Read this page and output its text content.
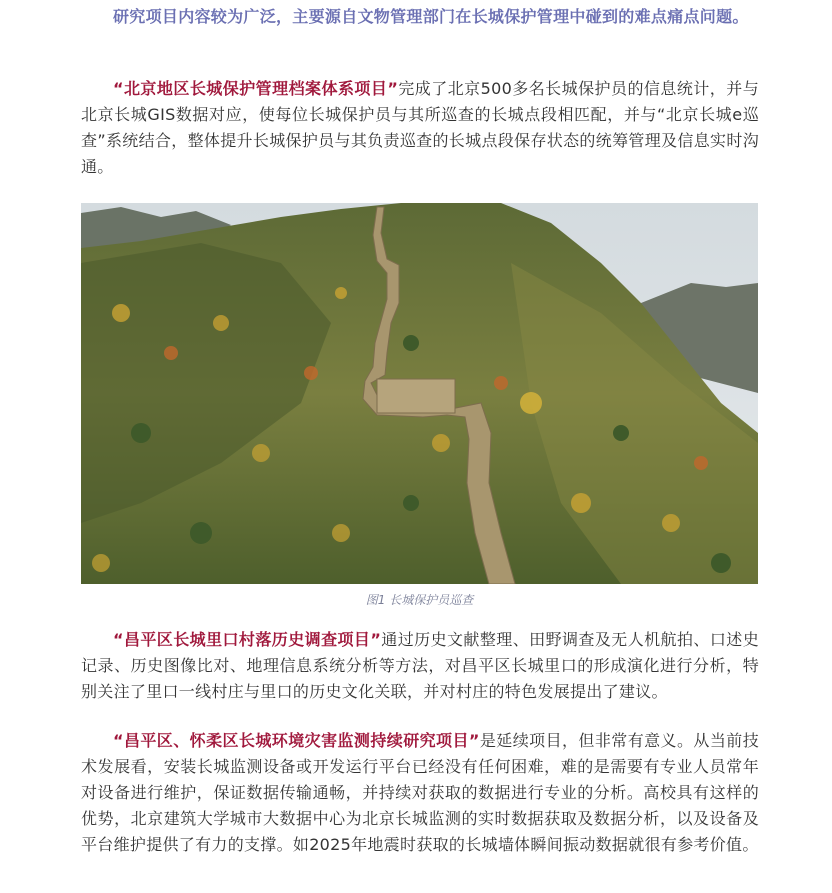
研究项目内容较为广泛，主要源自文物管理部门在长城保护管理中碰到的难点痛点问题。

“北京地区长城保护管理档案体系项目”完成了北京500多名长城保护员的信息统计，并与北京长城GIS数据对应，使每位长城保护员与其所巡查的长城点段相匹配，并与“北京长城e巡查”系统结合，整体提升长城保护员与其负责巡查的长城点段保存状态的统筹管理及信息实时沟通。

图1 长城保护员巡查

“昌平区长城里口村落历史调查项目”通过历史文献整理、田野调查及无人机航拍、口述史记录、历史图像比对、地理信息系统分析等方法，对昌平区长城里口的形成演化进行分析，特别关注了里口一线村庄与里口的历史文化关联，并对村庄的特色发展提出了建议。

“昌平区、怀柔区长城环境灾害监测持续研究项目”是延续项目，但非常有意义。从当前技术发展看，安装长城监测设备或开发运行平台已经没有任何困难，难的是需要有专业人员常年对设备进行维护，保证数据传输通畅，并持续对获取的数据进行专业的分析。高校具有这样的优势，北京建筑大学城市大数据中心为北京长城监测的实时数据获取及数据分析，以及设备及平台维护提供了有力的支撑。如2025年地震时获取的长城墙体瞬间振动数据就很有参考价值。
